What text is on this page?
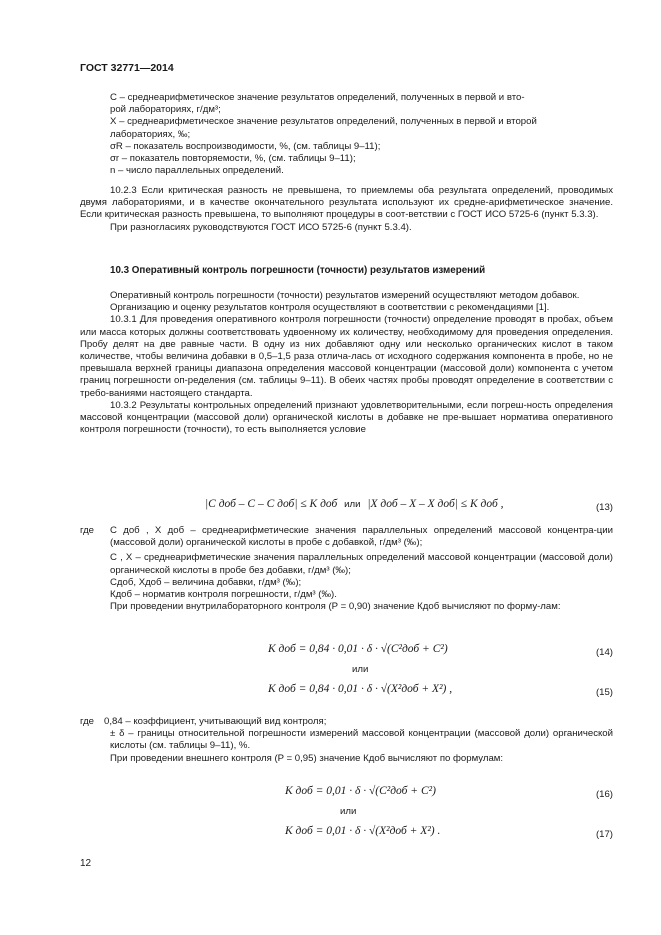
ГОСТ 32771—2014

C – среднеарифметическое значение результатов определений, полученных в первой и вто-

рой лабораториях, г/дм³;

X – среднеарифметическое значение результатов определений, полученных в первой и второй

лабораториях, ‰;

σR – показатель воспроизводимости, %, (см. таблицы 9–11);

σr – показатель повторяемости, %, (см. таблицы 9–11);

n – число параллельных определений.

10.2.3 Если критическая разность не превышена, то приемлемы оба результата определений, проводимых двумя лабораториями, и в качестве окончательного результата используют их средне-арифметическое значение. Если критическая разность превышена, то выполняют процедуры в соот-ветствии с ГОСТ ИСО 5725-6 (пункт 5.3.3).

При разногласиях руководствуются ГОСТ ИСО 5725-6 (пункт 5.3.4).

10.3 Оперативный контроль погрешности (точности) результатов измерений

Оперативный контроль погрешности (точности) результатов измерений осуществляют методом добавок.

Организацию и оценку результатов контроля осуществляют в соответствии с рекомендациями [1].

10.3.1 Для проведения оперативного контроля погрешности (точности) определение проводят в пробах, объем или масса которых должны соответствовать удвоенному их количеству, необходимому для проведения определения. Пробу делят на две равные части. В одну из них добавляют одну или несколько органических кислот в таком количестве, чтобы величина добавки в 0,5–1,5 раза отлича-лась от исходного содержания компонента в пробе, но не превышала верхней границы диапазона определения массовой концентрации (массовой доли) компонента с учетом границ погрешности оп-ределения (см. таблицы 9–11). В обеих частях пробы проводят определение в соответствии с требо-ваниями настоящего стандарта.

10.3.2 Результаты контрольных определений признают удовлетворительными, если погреш-ность определения массовой концентрации (массовой доли) органической кислоты в добавке не пре-вышает норматива оперативного контроля погрешности (точности), то есть выполняется условие

|C доб – C – C доб| ≤ K доб или |X доб – X – X доб| ≤ K доб ,	(13)
где C доб , X доб – среднеарифметические значения параллельных определений массовой концентра-ции (массовой доли) органической кислоты в пробе с добавкой, г/дм³ (‰);

C , X – среднеарифметические значения параллельных определений массовой концентрации (массовой доли) органической кислоты в пробе без добавки, г/дм³ (‰);

Сдоб, Xдоб – величина добавки, г/дм³ (‰);

Кдоб – норматив контроля погрешности, г/дм³ (‰).

При проведении внутрилабораторного контроля (P = 0,90) значение Кдоб вычисляют по форму-лам:

K доб = 0,84 · 0,01 · δ · √(C²доб + C²)	(14)
или
K доб = 0,84 · 0,01 · δ · √(X²доб + X²) ,	(15)
где 0,84 – коэффициент, учитывающий вид контроля;

± δ – границы относительной погрешности измерений массовой концентрации (массовой доли) органической кислоты (см. таблицы 9–11), %.

При проведении внешнего контроля (P = 0,95) значение Кдоб вычисляют по формулам:

K доб = 0,01 · δ · √(C²доб + C²)	(16)
или
K доб = 0,01 · δ · √(X²доб + X²) .	(17)
12
